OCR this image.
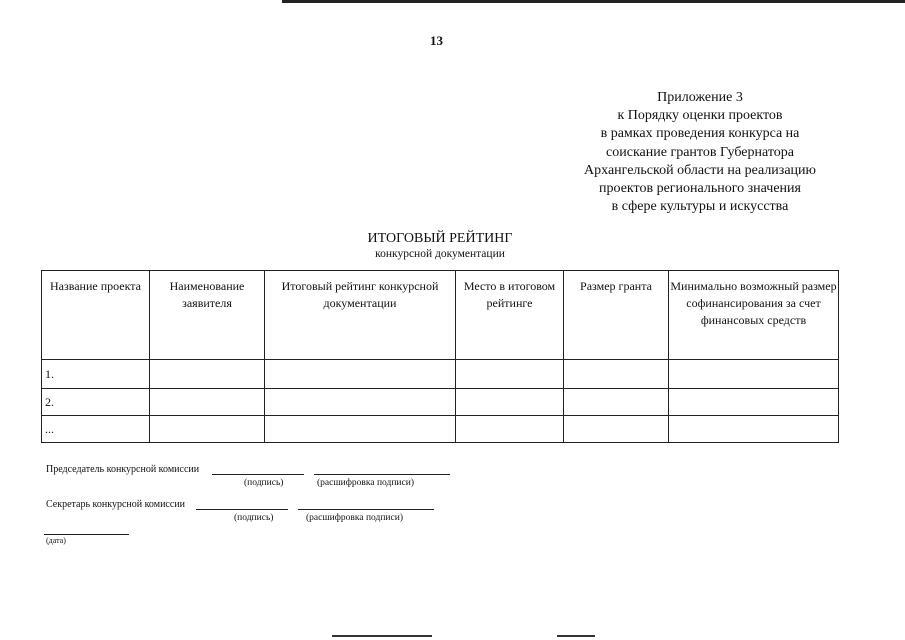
13
Приложение 3
к Порядку оценки проектов
в рамках проведения конкурса на
соискание грантов Губернатора
Архангельской области на реализацию
проектов регионального значения
в сфере культуры и искусства
ИТОГОВЫЙ РЕЙТИНГ
конкурсной документации
Название проекта	Наименование заявителя	Итоговый рейтинг конкурсной документации	Место в итоговом рейтинге	Размер гранта	Минимально возможный размер софинансирования за счет финансовых средств
1.					
2.					
...					
Председатель конкурсной комиссии
(подпись)	(расшифровка подписи)
Секретарь конкурсной комиссии
(подпись)	(расшифровка подписи)
(дата)
